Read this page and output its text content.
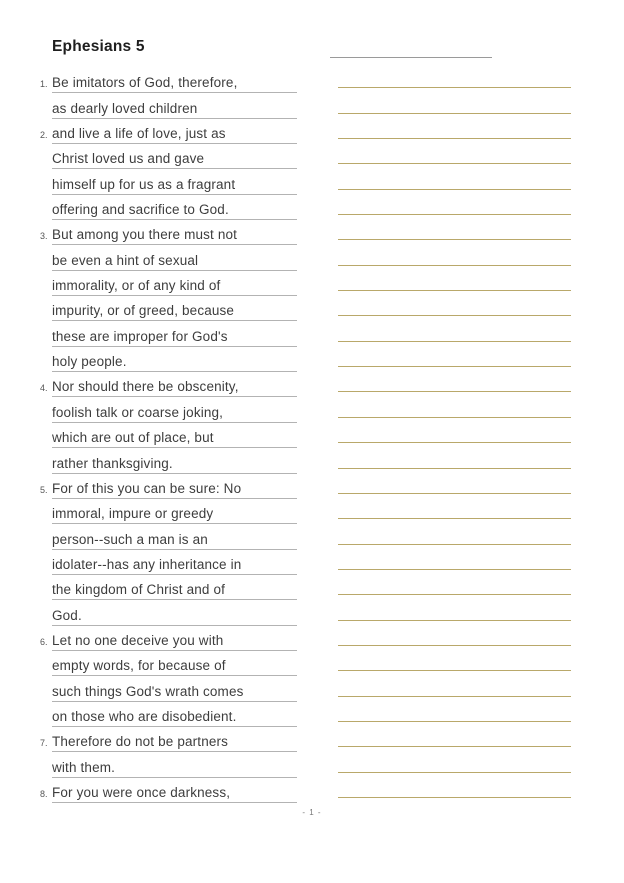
Ephesians 5
1. Be imitators of God, therefore,
as dearly loved children
2. and live a life of love, just as
Christ loved us and gave
himself up for us as a fragrant
offering and sacrifice to God.
3. But among you there must not
be even a hint of sexual
immorality, or of any kind of
impurity, or of greed, because
these are improper for God's
holy people.
4. Nor should there be obscenity,
foolish talk or coarse joking,
which are out of place, but
rather thanksgiving.
5. For of this you can be sure: No
immoral, impure or greedy
person--such a man is an
idolater--has any inheritance in
the kingdom of Christ and of
God.
6. Let no one deceive you with
empty words, for because of
such things God's wrath comes
on those who are disobedient.
7. Therefore do not be partners
with them.
8. For you were once darkness,
- 1 -
